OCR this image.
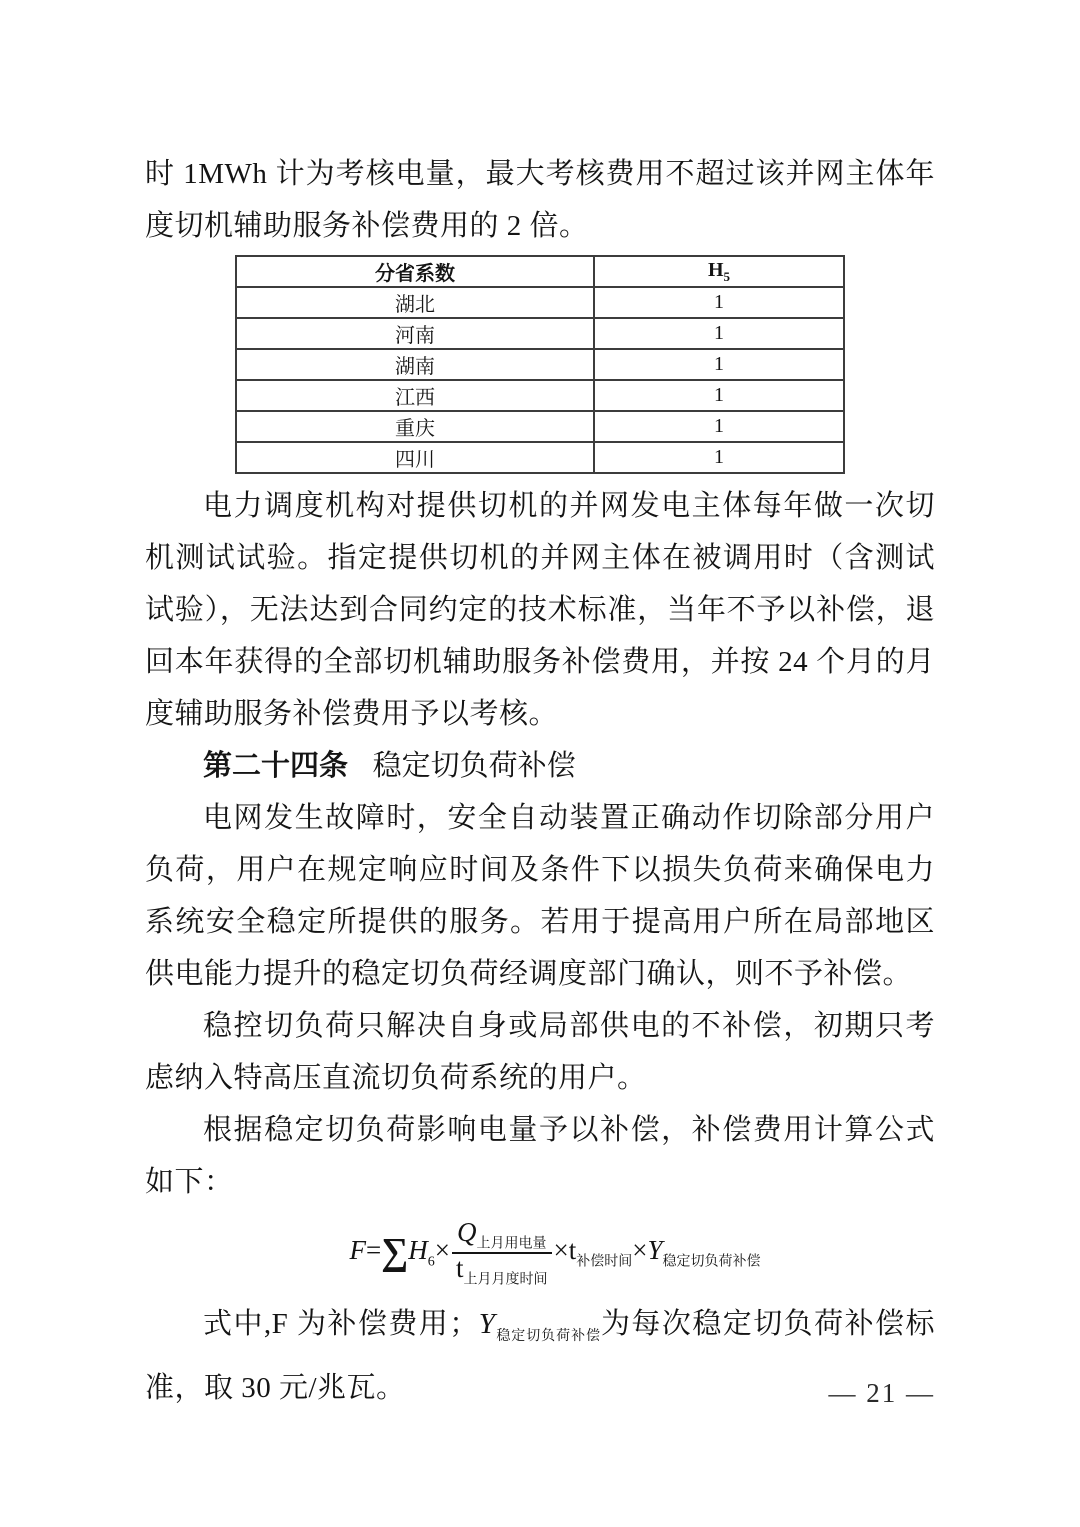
时 1MWh 计为考核电量，最大考核费用不超过该并网主体年度切机辅助服务补偿费用的 2 倍。

分省系数	$H_5$
湖北	1
河南	1
湖南	1
江西	1
重庆	1
四川	1

电力调度机构对提供切机的并网发电主体每年做一次切机测试试验。指定提供切机的并网主体在被调用时（含测试试验），无法达到合同约定的技术标准，当年不予以补偿，退回本年获得的全部切机辅助服务补偿费用，并按 24 个月的月度辅助服务补偿费用予以考核。

第二十四条 稳定切负荷补偿

电网发生故障时，安全自动装置正确动作切除部分用户负荷，用户在规定响应时间及条件下以损失负荷来确保电力系统安全稳定所提供的服务。若用于提高用户所在局部地区供电能力提升的稳定切负荷经调度部门确认，则不予补偿。

稳控切负荷只解决自身或局部供电的不补偿，初期只考虑纳入特高压直流切负荷系统的用户。

根据稳定切负荷影响电量予以补偿，补偿费用计算公式如下：

$F=\sum H_6\times \frac{Q_{上月用电量}}{t_{上月月度时间}} \times t_{补偿时间}\times Y_{稳定切负荷补偿}$

式中,F 为补偿费用；$Y_{稳定切负荷补偿}$为每次稳定切负荷补偿标准，取 30 元/兆瓦。	— 21 —
